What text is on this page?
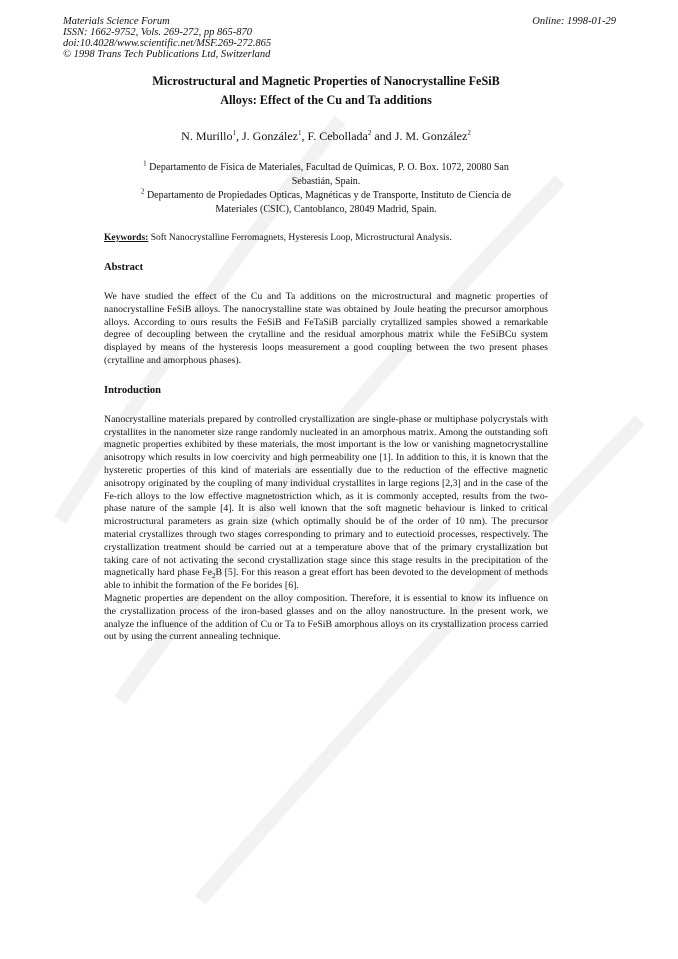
Materials Science Forum
ISSN: 1662-9752, Vols. 269-272, pp 865-870
doi:10.4028/www.scientific.net/MSF.269-272.865
© 1998 Trans Tech Publications Ltd, Switzerland
Online: 1998-01-29
Microstructural and Magnetic Properties of Nanocrystalline FeSiB
Alloys: Effect of the Cu and Ta additions
N. Murillo$^1$, J. González$^1$, F. Cebollada$^2$ and J. M. González$^2$

$^1$ Departamento de Física de Materiales, Facultad de Químicas, P. O. Box. 1072, 20080 San
Sebastián, Spain.

$^2$ Departamento de Propiedades Opticas, Magnéticas y de Transporte, Instituto de Ciencia de
Materiales (CSIC), Cantoblanco, 28049 Madrid, Spain.

Keywords: Soft Nanocrystalline Ferromagnets, Hysteresis Loop, Microstructural Analysis.
Abstract

We have studied the effect of the Cu and Ta additions on the microstructural and magnetic properties of nanocrystalline FeSiB alloys. The nanocrystalline state was obtained by Joule heating the precursor amorphous alloys. According to ours results the FeSiB and FeTaSiB parcially crytallized samples showed a remarkable degree of decoupling between the crytalline and the residual amorphous matrix while the FeSiBCu system displayed by means of the hysteresis loops measurement a good coupling between the two present phases (crytalline and amorphous phases).

Introduction

Nanocrystalline materials prepared by controlled crystallization are single-phase or multiphase polycrystals with crystallites in the nanometer size range randomly nucleated in an amorphous matrix. Among the outstanding soft magnetic properties exhibited by these materials, the most important is the low or vanishing magnetocrystalline anisotropy which results in low coercivity and high permeability one [1]. In addition to this, it is known that the hysteretic properties of this kind of materials are essentially due to the reduction of the effective magnetic anisotropy originated by the coupling of many individual crystallites in large regions [2,3] and in the case of the Fe-rich alloys to the low effective magnetostriction which, as it is commonly accepted, results from the two-phase nature of the sample [4]. It is also well known that the soft magnetic behaviour is linked to critical microstructural parameters as grain size (which optimally should be of the order of 10 nm). The precursor material crystallizes through two stages corresponding to primary and to eutectioid processes, respectively. The crystallization treatment should be carried out at a temperature above that of the primary crystallization but taking care of not activating the second crystallization stage since this stage results in the precipitation of the magnetically hard phase $Fe_2B$ [5]. For this reason a great effort has been devoted to the development of methods able to inhibit the formation of the Fe borides [6].

Magnetic properties are dependent on the alloy composition. Therefore, it is essential to know its influence on the crystallization process of the iron-based glasses and on the alloy nanostructure. In the present work, we analyze the influence of the addition of Cu or Ta to FeSiB amorphous alloys on its crystallization process carried out by using the current annealing technique.
